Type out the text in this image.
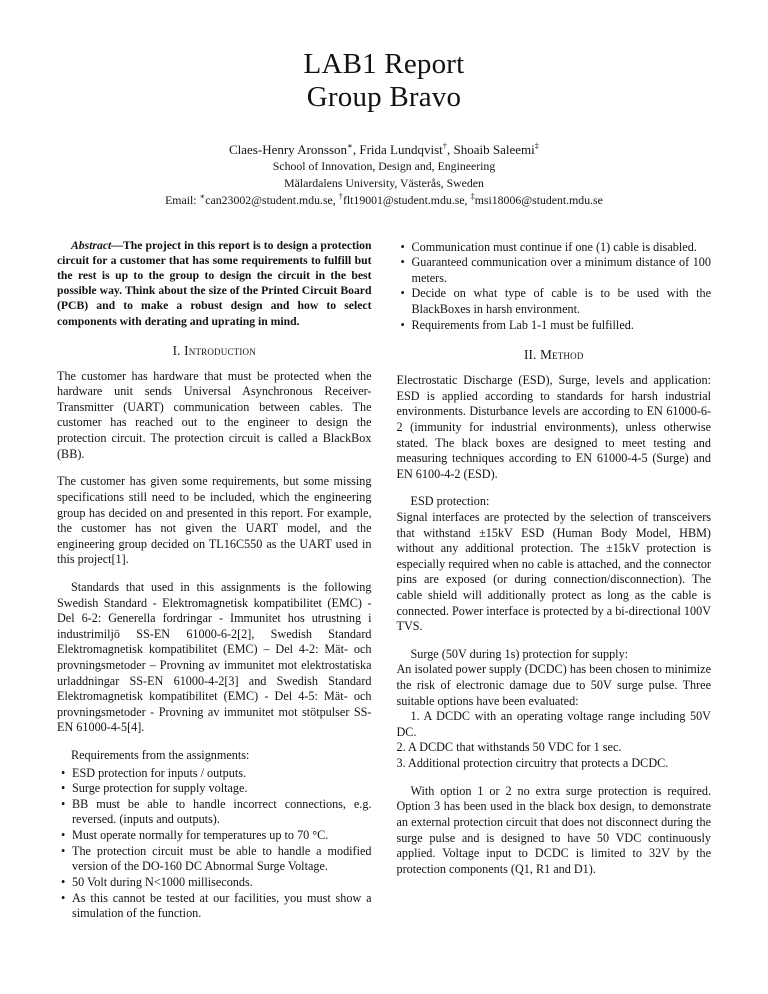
LAB1 Report
Group Bravo
Claes-Henry Aronsson∗, Frida Lundqvist†, Shoaib Saleemi‡
School of Innovation, Design and, Engineering
Mälardalens University, Västerås, Sweden
Email: ∗can23002@student.mdu.se, †flt19001@student.mdu.se, ‡msi18006@student.mdu.se

Abstract—The project in this report is to design a protection circuit for a customer that has some requirements to fulfill but the rest is up to the group to design the circuit in the best possible way. Think about the size of the Printed Circuit Board (PCB) and to make a robust design and how to select components with derating and uprating in mind.

I. Introduction

The customer has hardware that must be protected when the hardware unit sends Universal Asynchronous Receiver-Transmitter (UART) communication between cables. The customer has reached out to the engineer to design the protection circuit. The protection circuit is called a BlackBox (BB).

The customer has given some requirements, but some missing specifications still need to be included, which the engineering group has decided on and presented in this report. For example, the customer has not given the UART model, and the engineering group decided on TL16C550 as the UART used in this project[1].

Standards that used in this assignments is the following Swedish Standard - Elektromagnetisk kompatibilitet (EMC) - Del 6-2: Generella fordringar - Immunitet hos utrustning i industrimiljö SS-EN 61000-6-2[2], Swedish Standard Elektromagnetisk kompatibilitet (EMC) – Del 4-2: Mät- och provningsmetoder – Provning av immunitet mot elektrostatiska urladdningar SS-EN 61000-4-2[3] and Swedish Standard Elektromagnetisk kompatibilitet (EMC) - Del 4-5: Mät- och provningsmetoder - Provning av immunitet mot stötpulser SS-EN 61000-4-5[4].

Requirements from the assignments:

• ESD protection for inputs / outputs.
• Surge protection for supply voltage.
• BB must be able to handle incorrect connections, e.g. reversed. (inputs and outputs).
• Must operate normally for temperatures up to 70 °C.
• The protection circuit must be able to handle a modified version of the DO-160 DC Abnormal Surge Voltage.
• 50 Volt during N<1000 milliseconds.
• As this cannot be tested at our facilities, you must show a simulation of the function.
• Communication must continue if one (1) cable is disabled.
• Guaranteed communication over a minimum distance of 100 meters.
• Decide on what type of cable is to be used with the BlackBoxes in harsh environment.
• Requirements from Lab 1-1 must be fulfilled.
II. Method

Electrostatic Discharge (ESD), Surge, levels and application: ESD is applied according to standards for harsh industrial environments. Disturbance levels are according to EN 61000-6-2 (immunity for industrial environments), unless otherwise stated. The black boxes are designed to meet testing and measuring techniques according to EN 61000-4-5 (Surge) and EN 6100-4-2 (ESD).

ESD protection:

Signal interfaces are protected by the selection of transceivers that withstand ±15kV ESD (Human Body Model, HBM) without any additional protection. The ±15kV protection is especially required when no cable is attached, and the connector pins are exposed (or during connection/disconnection). The cable shield will additionally protect as long as the cable is connected. Power interface is protected by a bi-directional 100V TVS.

Surge (50V during 1s) protection for supply:

An isolated power supply (DCDC) has been chosen to minimize the risk of electronic damage due to 50V surge pulse. Three suitable options have been evaluated:

1. A DCDC with an operating voltage range including 50V DC.

2. A DCDC that withstands 50 VDC for 1 sec.

3. Additional protection circuitry that protects a DCDC.

With option 1 or 2 no extra surge protection is required. Option 3 has been used in the black box design, to demonstrate an external protection circuit that does not disconnect during the surge pulse and is designed to have 50 VDC continuously applied. Voltage input to DCDC is limited to 32V by the protection components (Q1, R1 and D1).
